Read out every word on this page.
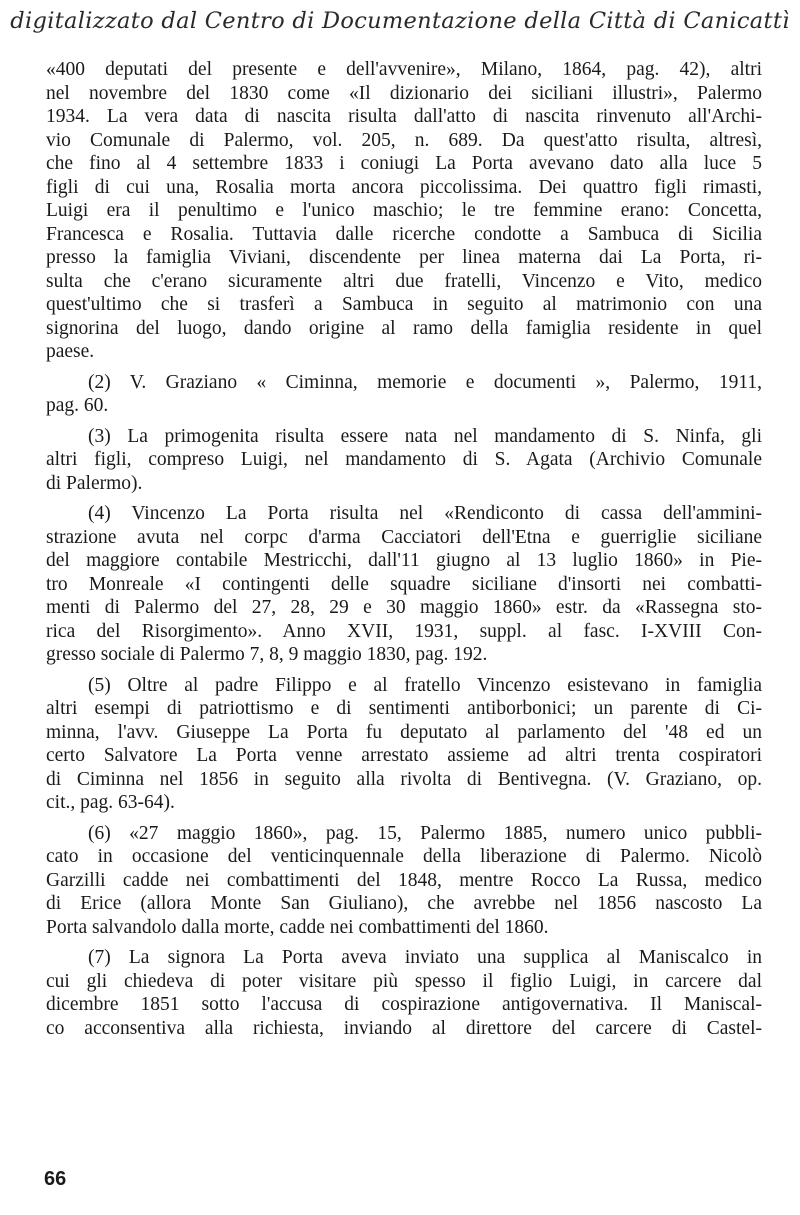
digitalizzato dal Centro di Documentazione della Città di Canicattì
«400 deputati del presente e dell'avvenire», Milano, 1864, pag. 42), altri
nel novembre del 1830 come «Il dizionario dei siciliani illustri», Palermo
1934. La vera data di nascita risulta dall'atto di nascita rinvenuto all'Archi-
vio Comunale di Palermo, vol. 205, n. 689. Da quest'atto risulta, altresì,
che fino al 4 settembre 1833 i coniugi La Porta avevano dato alla luce 5
figli di cui una, Rosalia morta ancora piccolissima. Dei quattro figli rimasti,
Luigi era il penultimo e l'unico maschio; le tre femmine erano: Concetta,
Francesca e Rosalia. Tuttavia dalle ricerche condotte a Sambuca di Sicilia
presso la famiglia Viviani, discendente per linea materna dai La Porta, ri-
sulta che c'erano sicuramente altri due fratelli, Vincenzo e Vito, medico
quest'ultimo che si trasferì a Sambuca in seguito al matrimonio con una
signorina del luogo, dando origine al ramo della famiglia residente in quel
paese.
(2) V. Graziano « Ciminna, memorie e documenti », Palermo, 1911,
pag. 60.
(3) La primogenita risulta essere nata nel mandamento di S. Ninfa, gli
altri figli, compreso Luigi, nel mandamento di S. Agata (Archivio Comunale
di Palermo).
(4) Vincenzo La Porta risulta nel «Rendiconto di cassa dell'ammini-
strazione avuta nel corpc d'arma Cacciatori dell'Etna e guerriglie siciliane
del maggiore contabile Mestricchi, dall'11 giugno al 13 luglio 1860» in Pie-
tro Monreale «I contingenti delle squadre siciliane d'insorti nei combatti-
menti di Palermo del 27, 28, 29 e 30 maggio 1860» estr. da «Rassegna sto-
rica del Risorgimento». Anno XVII, 1931, suppl. al fasc. I-XVIII Con-
gresso sociale di Palermo 7, 8, 9 maggio 1830, pag. 192.
(5) Oltre al padre Filippo e al fratello Vincenzo esistevano in famiglia
altri esempi di patriottismo e di sentimenti antiborbonici; un parente di Ci-
minna, l'avv. Giuseppe La Porta fu deputato al parlamento del '48 ed un
certo Salvatore La Porta venne arrestato assieme ad altri trenta cospiratori
di Ciminna nel 1856 in seguito alla rivolta di Bentivegna. (V. Graziano, op.
cit., pag. 63-64).
(6) «27 maggio 1860», pag. 15, Palermo 1885, numero unico pubbli-
cato in occasione del venticinquennale della liberazione di Palermo. Nicolò
Garzilli cadde nei combattimenti del 1848, mentre Rocco La Russa, medico
di Erice (allora Monte San Giuliano), che avrebbe nel 1856 nascosto La
Porta salvandolo dalla morte, cadde nei combattimenti del 1860.
(7) La signora La Porta aveva inviato una supplica al Maniscalco in
cui gli chiedeva di poter visitare più spesso il figlio Luigi, in carcere dal
dicembre 1851 sotto l'accusa di cospirazione antigovernativa. Il Maniscal-
co acconsentiva alla richiesta, inviando al direttore del carcere di Castel-
66
